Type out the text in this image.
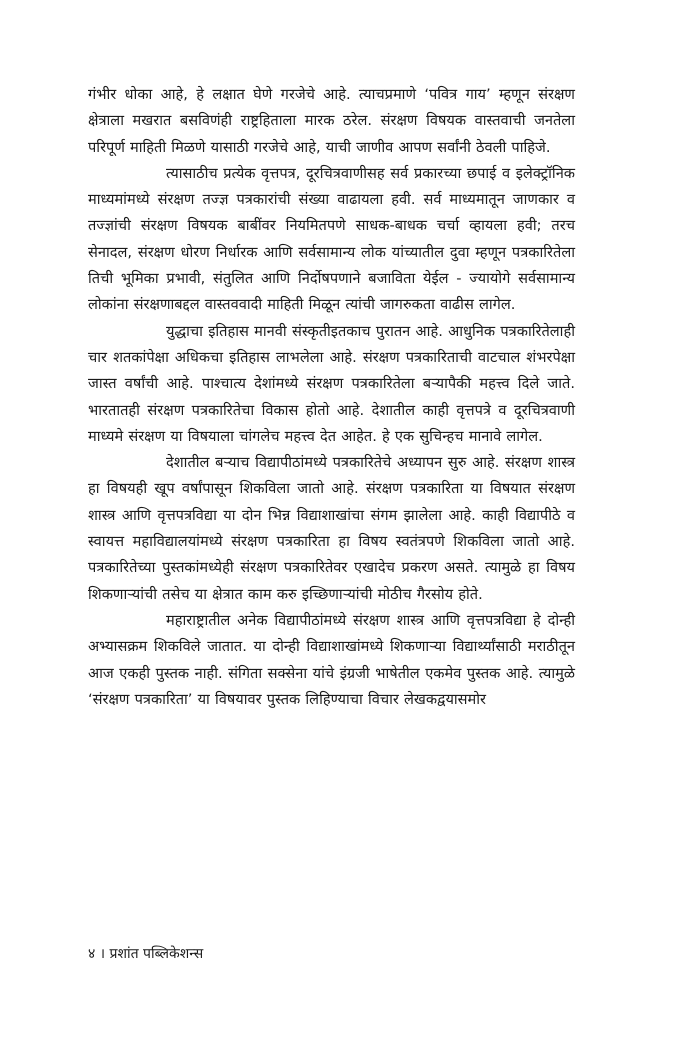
गंभीर धोका आहे, हे लक्षात घेणे गरजेचे आहे. त्याचप्रमाणे ‘पवित्र गाय’ म्हणून संरक्षण क्षेत्राला मखरात बसविणंही राष्ट्रहिताला मारक ठरेल. संरक्षण विषयक वास्तवाची जनतेला परिपूर्ण माहिती मिळणे यासाठी गरजेचे आहे, याची जाणीव आपण सर्वांनी ठेवली पाहिजे.

त्यासाठीच प्रत्येक वृत्तपत्र, दूरचित्रवाणीसह सर्व प्रकारच्या छपाई व इलेक्ट्रॉनिक माध्यमांमध्ये संरक्षण तज्ज्ञ पत्रकारांची संख्या वाढायला हवी. सर्व माध्यमातून जाणकार व तज्ज्ञांची संरक्षण विषयक बाबींवर नियमितपणे साधक-बाधक चर्चा व्हायला हवी; तरच सेनादल, संरक्षण धोरण निर्धारक आणि सर्वसामान्य लोक यांच्यातील दुवा म्हणून पत्रकारितेला तिची भूमिका प्रभावी, संतुलित आणि निर्दोषपणाने बजाविता येईल - ज्यायोगे सर्वसामान्य लोकांना संरक्षणाबद्दल वास्तववादी माहिती मिळून त्यांची जागरुकता वाढीस लागेल.

युद्धाचा इतिहास मानवी संस्कृतीइतकाच पुरातन आहे. आधुनिक पत्रकारितेलाही चार शतकांपेक्षा अधिकचा इतिहास लाभलेला आहे. संरक्षण पत्रकारिताची वाटचाल शंभरपेक्षा जास्त वर्षांची आहे. पाश्चात्य देशांमध्ये संरक्षण पत्रकारितेला बऱ्यापैकी महत्त्व दिले जाते. भारतातही संरक्षण पत्रकारितेचा विकास होतो आहे. देशातील काही वृत्तपत्रे व दूरचित्रवाणी माध्यमे संरक्षण या विषयाला चांगलेच महत्त्व देत आहेत. हे एक सुचिन्हच मानावे लागेल.

देशातील बऱ्याच विद्यापीठांमध्ये पत्रकारितेचे अध्यापन सुरु आहे. संरक्षण शास्त्र हा विषयही खूप वर्षांपासून शिकविला जातो आहे. संरक्षण पत्रकारिता या विषयात संरक्षण शास्त्र आणि वृत्तपत्रविद्या या दोन भिन्न विद्याशाखांचा संगम झालेला आहे. काही विद्यापीठे व स्वायत्त महाविद्यालयांमध्ये संरक्षण पत्रकारिता हा विषय स्वतंत्रपणे शिकविला जातो आहे. पत्रकारितेच्या पुस्तकांमध्येही संरक्षण पत्रकारितेवर एखादेच प्रकरण असते. त्यामुळे हा विषय शिकणाऱ्यांची तसेच या क्षेत्रात काम करु इच्छिणाऱ्यांची मोठीच गैरसोय होते.

महाराष्ट्रातील अनेक विद्यापीठांमध्ये संरक्षण शास्त्र आणि वृत्तपत्रविद्या हे दोन्ही अभ्यासक्रम शिकविले जातात. या दोन्ही विद्याशाखांमध्ये शिकणाऱ्या विद्यार्थ्यांसाठी मराठीतून आज एकही पुस्तक नाही. संगिता सक्सेना यांचे इंग्रजी भाषेतील एकमेव पुस्तक आहे. त्यामुळे ‘संरक्षण पत्रकारिता’ या विषयावर पुस्तक लिहिण्याचा विचार लेखकद्वयासमोर

४ । प्रशांत पब्लिकेशन्स
